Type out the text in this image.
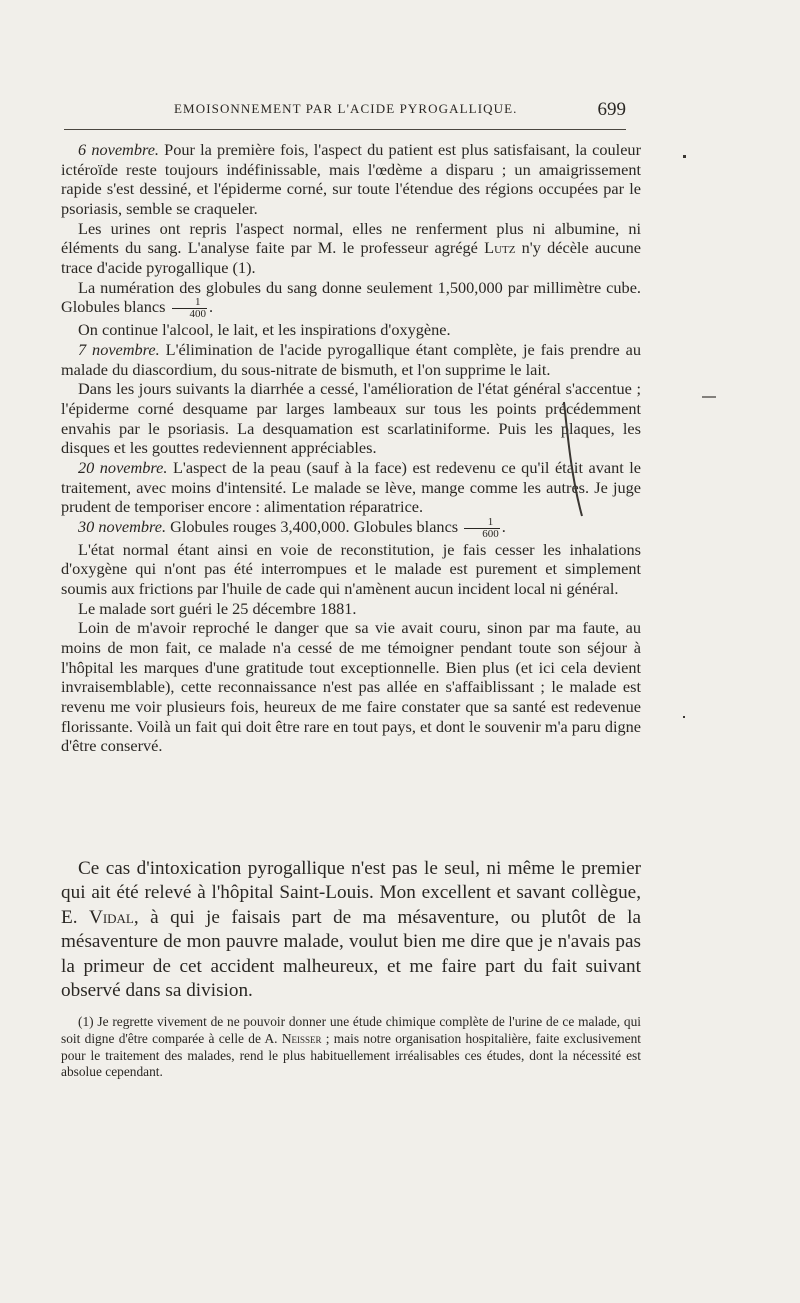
EMOISONNEMENT PAR L'ACIDE PYROGALLIQUE.	699

6 novembre. Pour la première fois, l'aspect du patient est plus satisfaisant, la couleur ictéroïde reste toujours indéfinissable, mais l'œdème a disparu ; un amaigrissement rapide s'est dessiné, et l'épiderme corné, sur toute l'étendue des régions occupées par le psoriasis, semble se craqueler.

Les urines ont repris l'aspect normal, elles ne renferment plus ni albumine, ni éléments du sang. L'analyse faite par M. le professeur agrégé Lutz n'y décèle aucune trace d'acide pyrogallique (1).

La numération des globules du sang donne seulement 1,500,000 par millimètre cube. Globules blancs $\frac{1}{400}$ .

On continue l'alcool, le lait, et les inspirations d'oxygène.

7 novembre. L'élimination de l'acide pyrogallique étant complète, je fais prendre au malade du diascordium, du sous-nitrate de bismuth, et l'on supprime le lait.

Dans les jours suivants la diarrhée a cessé, l'amélioration de l'état général s'accentue ; l'épiderme corné desquame par larges lambeaux sur tous les points précédemment envahis par le psoriasis. La desquamation est scarlatiniforme. Puis les plaques, les disques et les gouttes redeviennent appréciables.

20 novembre. L'aspect de la peau (sauf à la face) est redevenu ce qu'il était avant le traitement, avec moins d'intensité. Le malade se lève, mange comme les autres. Je juge prudent de temporiser encore : alimentation réparatrice.

30 novembre. Globules rouges 3,400,000. Globules blancs $\frac{1}{600}$ .

L'état normal étant ainsi en voie de reconstitution, je fais cesser les inhalations d'oxygène qui n'ont pas été interrompues et le malade est purement et simplement soumis aux frictions par l'huile de cade qui n'amènent aucun incident local ni général.

Le malade sort guéri le 25 décembre 1881.

Loin de m'avoir reproché le danger que sa vie avait couru, sinon par ma faute, au moins de mon fait, ce malade n'a cessé de me témoigner pendant toute son séjour à l'hôpital les marques d'une gratitude tout exceptionnelle. Bien plus (et ici cela devient invraisemblable), cette reconnaissance n'est pas allée en s'affaiblissant ; le malade est revenu me voir plusieurs fois, heureux de me faire constater que sa santé est redevenue florissante. Voilà un fait qui doit être rare en tout pays, et dont le souvenir m'a paru digne d'être conservé.

Ce cas d'intoxication pyrogallique n'est pas le seul, ni même le premier qui ait été relevé à l'hôpital Saint-Louis. Mon excellent et savant collègue, E. Vidal, à qui je faisais part de ma mésaventure, ou plutôt de la mésaventure de mon pauvre malade, voulut bien me dire que je n'avais pas la primeur de cet accident malheureux, et me faire part du fait suivant observé dans sa division.

(1) Je regrette vivement de ne pouvoir donner une étude chimique complète de l'urine de ce malade, qui soit digne d'être comparée à celle de A. Neisser ; mais notre organisation hospitalière, faite exclusivement pour le traitement des malades, rend le plus habituellement irréalisables ces études, dont la nécessité est absolue cependant.
